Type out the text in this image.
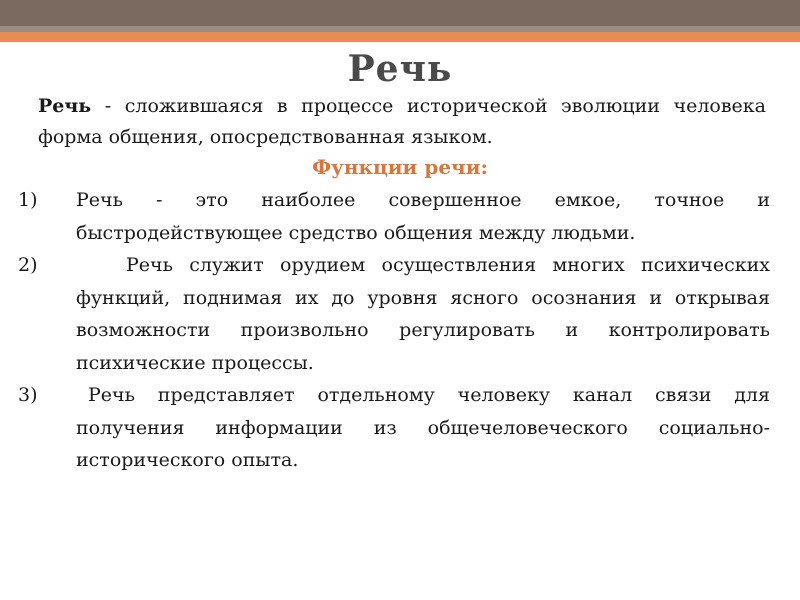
Речь
Речь - сложившаяся в процессе исторической эволюции человека форма общения, опосредствованная языком.
Функции речи:
1) Речь - это наиболее совершенное емкое, точное и быстродействующее средство общения между людьми.
2)	Речь служит орудием осуществления многих психических функций, поднимая их до уровня ясного осознания и открывая возможности произвольно регулировать и контролировать психические процессы.
3)	Речь представляет отдельному человеку канал связи для получения информации из общечеловеческого социально-исторического опыта.
